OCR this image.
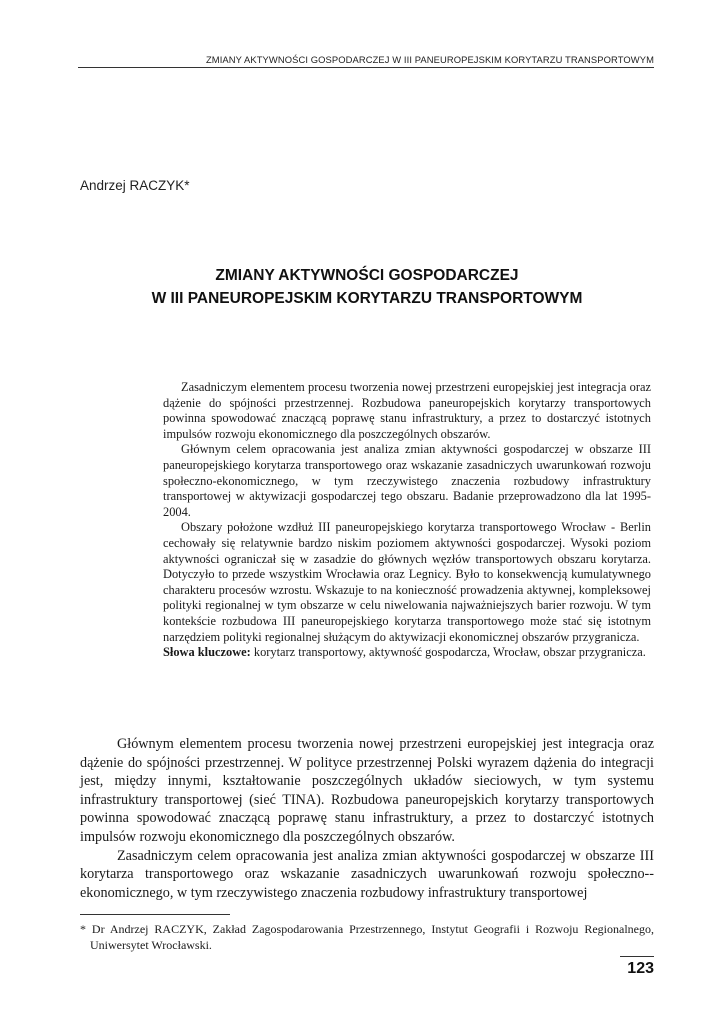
ZMIANY AKTYWNOŚCI GOSPODARCZEJ W III PANEUROPEJSKIM KORYTARZU TRANSPORTOWYM
Andrzej RACZYK*
ZMIANY AKTYWNOŚCI GOSPODARCZEJ
W III PANEUROPEJSKIM KORYTARZU TRANSPORTOWYM

Zasadniczym elementem procesu tworzenia nowej przestrzeni europejskiej jest integracja oraz dążenie do spójności przestrzennej. Rozbudowa paneuropejskich korytarzy transportowych powinna spowodować znaczącą poprawę stanu infrastruktury, a przez to dostarczyć istotnych impulsów rozwoju ekonomicznego dla poszczególnych obszarów.

Głównym celem opracowania jest analiza zmian aktywności gospodarczej w obszarze III paneuropejskiego korytarza transportowego oraz wskazanie zasadniczych uwarunkowań rozwoju społeczno-ekonomicznego, w tym rzeczywistego znaczenia rozbudowy infrastruktury transportowej w aktywizacji gospodarczej tego obszaru. Badanie przeprowadzono dla lat 1995-2004.

Obszary położone wzdłuż III paneuropejskiego korytarza transportowego Wrocław - Berlin cechowały się relatywnie bardzo niskim poziomem aktywności gospodarczej. Wysoki poziom aktywności ograniczał się w zasadzie do głównych węzłów transportowych obszaru korytarza. Dotyczyło to przede wszystkim Wrocławia oraz Legnicy. Było to konsekwencją kumulatywnego charakteru procesów wzrostu. Wskazuje to na konieczność prowadzenia aktywnej, kompleksowej polityki regionalnej w tym obszarze w celu niwelowania najważniejszych barier rozwoju. W tym kontekście rozbudowa III paneuropejskiego korytarza transportowego może stać się istotnym narzędziem polityki regionalnej służącym do aktywizacji ekonomicznej obszarów przygranicza.

Słowa kluczowe: korytarz transportowy, aktywność gospodarcza, Wrocław, obszar przygranicza.

Głównym elementem procesu tworzenia nowej przestrzeni europejskiej jest integracja oraz dążenie do spójności przestrzennej. W polityce przestrzennej Polski wyrazem dążenia do integracji jest, między innymi, kształtowanie poszczególnych układów sieciowych, w tym systemu infrastruktury transportowej (sieć TINA). Rozbudowa paneuropejskich korytarzy transportowych powinna spowodować znaczącą poprawę stanu infrastruktury, a przez to dostarczyć istotnych impulsów rozwoju ekonomicznego dla poszczególnych obszarów.

Zasadniczym celem opracowania jest analiza zmian aktywności gospodarczej w obszarze III korytarza transportowego oraz wskazanie zasadniczych uwarunkowań rozwoju społeczno--ekonomicznego, w tym rzeczywistego znaczenia rozbudowy infrastruktury transportowej

* Dr Andrzej RACZYK, Zakład Zagospodarowania Przestrzennego, Instytut Geografii i Rozwoju Regionalnego, Uniwersytet Wrocławski.

123
